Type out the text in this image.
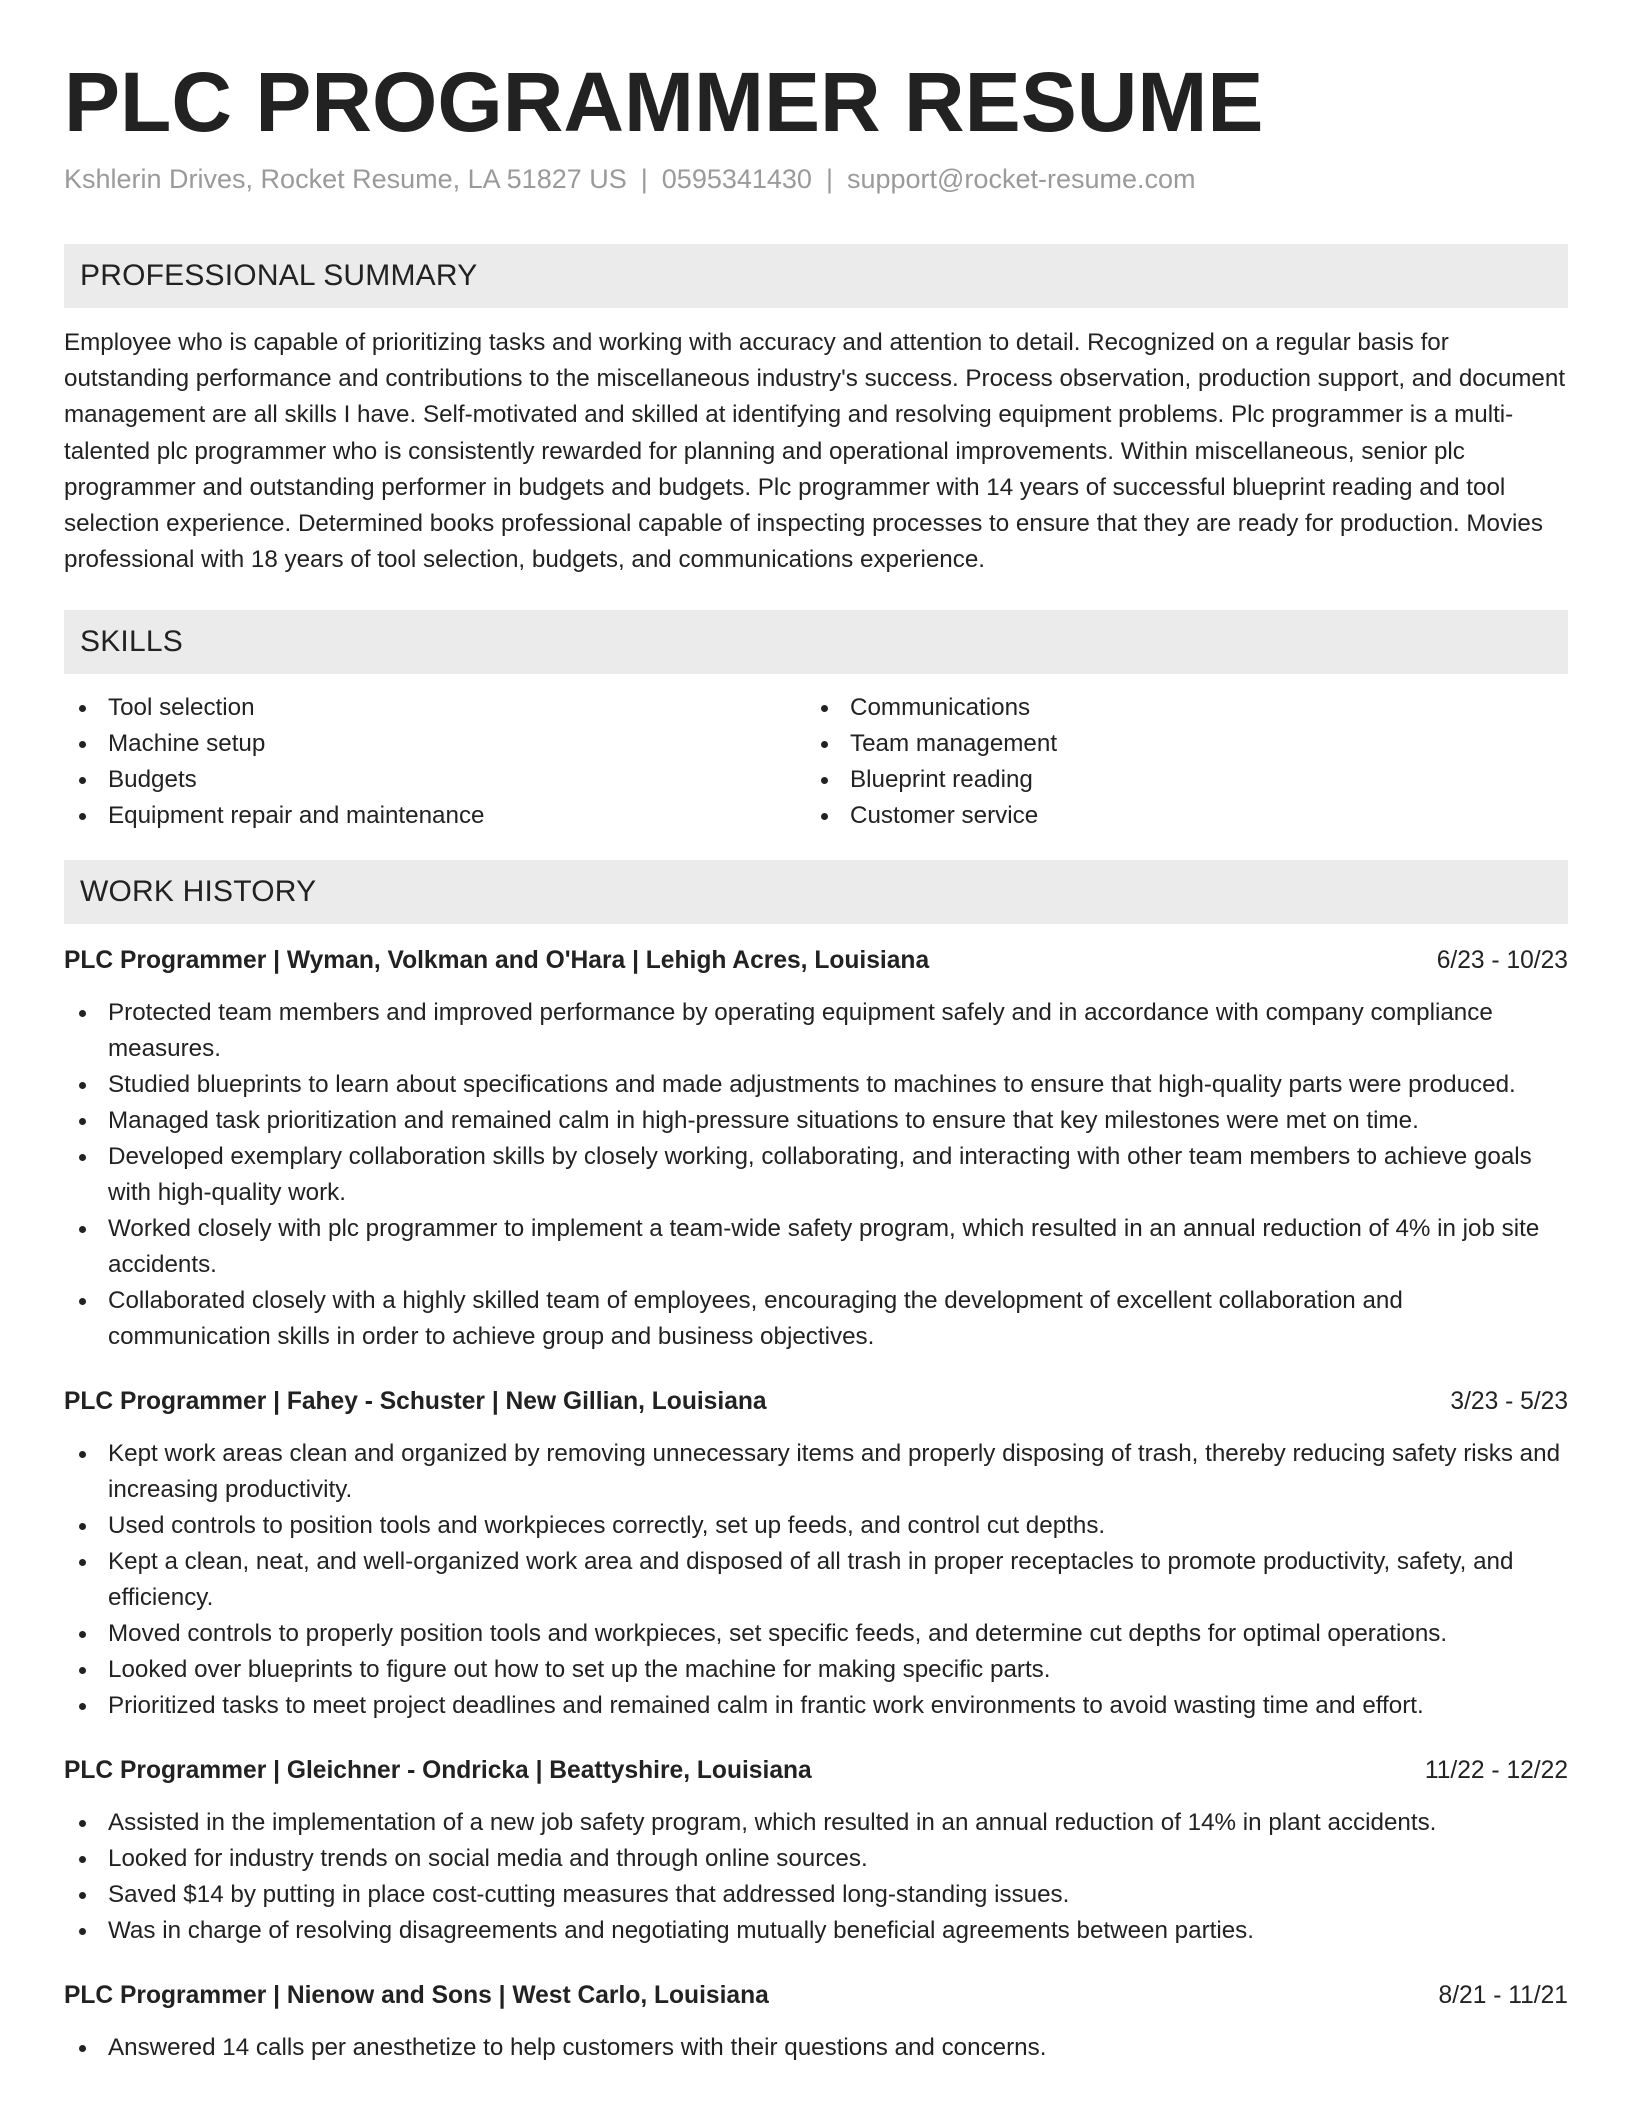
PLC PROGRAMMER RESUME
Kshlerin Drives, Rocket Resume, LA 51827 US | 0595341430 | support@rocket-resume.com
PROFESSIONAL SUMMARY

Employee who is capable of prioritizing tasks and working with accuracy and attention to detail. Recognized on a regular basis for outstanding performance and contributions to the miscellaneous industry's success. Process observation, production support, and document management are all skills I have. Self-motivated and skilled at identifying and resolving equipment problems. Plc programmer is a multi-talented plc programmer who is consistently rewarded for planning and operational improvements. Within miscellaneous, senior plc programmer and outstanding performer in budgets and budgets. Plc programmer with 14 years of successful blueprint reading and tool selection experience. Determined books professional capable of inspecting processes to ensure that they are ready for production. Movies professional with 18 years of tool selection, budgets, and communications experience.

SKILLS
Tool selection
Machine setup
Budgets
Equipment repair and maintenance
Communications
Team management
Blueprint reading
Customer service
WORK HISTORY
PLC Programmer | Wyman, Volkman and O'Hara | Lehigh Acres, Louisiana	6/23 - 10/23
Protected team members and improved performance by operating equipment safely and in accordance with company compliance measures.
Studied blueprints to learn about specifications and made adjustments to machines to ensure that high-quality parts were produced.
Managed task prioritization and remained calm in high-pressure situations to ensure that key milestones were met on time.
Developed exemplary collaboration skills by closely working, collaborating, and interacting with other team members to achieve goals with high-quality work.
Worked closely with plc programmer to implement a team-wide safety program, which resulted in an annual reduction of 4% in job site accidents.
Collaborated closely with a highly skilled team of employees, encouraging the development of excellent collaboration and communication skills in order to achieve group and business objectives.
PLC Programmer | Fahey - Schuster | New Gillian, Louisiana	3/23 - 5/23
Kept work areas clean and organized by removing unnecessary items and properly disposing of trash, thereby reducing safety risks and increasing productivity.
Used controls to position tools and workpieces correctly, set up feeds, and control cut depths.
Kept a clean, neat, and well-organized work area and disposed of all trash in proper receptacles to promote productivity, safety, and efficiency.
Moved controls to properly position tools and workpieces, set specific feeds, and determine cut depths for optimal operations.
Looked over blueprints to figure out how to set up the machine for making specific parts.
Prioritized tasks to meet project deadlines and remained calm in frantic work environments to avoid wasting time and effort.
PLC Programmer | Gleichner - Ondricka | Beattyshire, Louisiana	11/22 - 12/22
Assisted in the implementation of a new job safety program, which resulted in an annual reduction of 14% in plant accidents.
Looked for industry trends on social media and through online sources.
Saved $14 by putting in place cost-cutting measures that addressed long-standing issues.
Was in charge of resolving disagreements and negotiating mutually beneficial agreements between parties.
PLC Programmer | Nienow and Sons | West Carlo, Louisiana	8/21 - 11/21
Answered 14 calls per anesthetize to help customers with their questions and concerns.
